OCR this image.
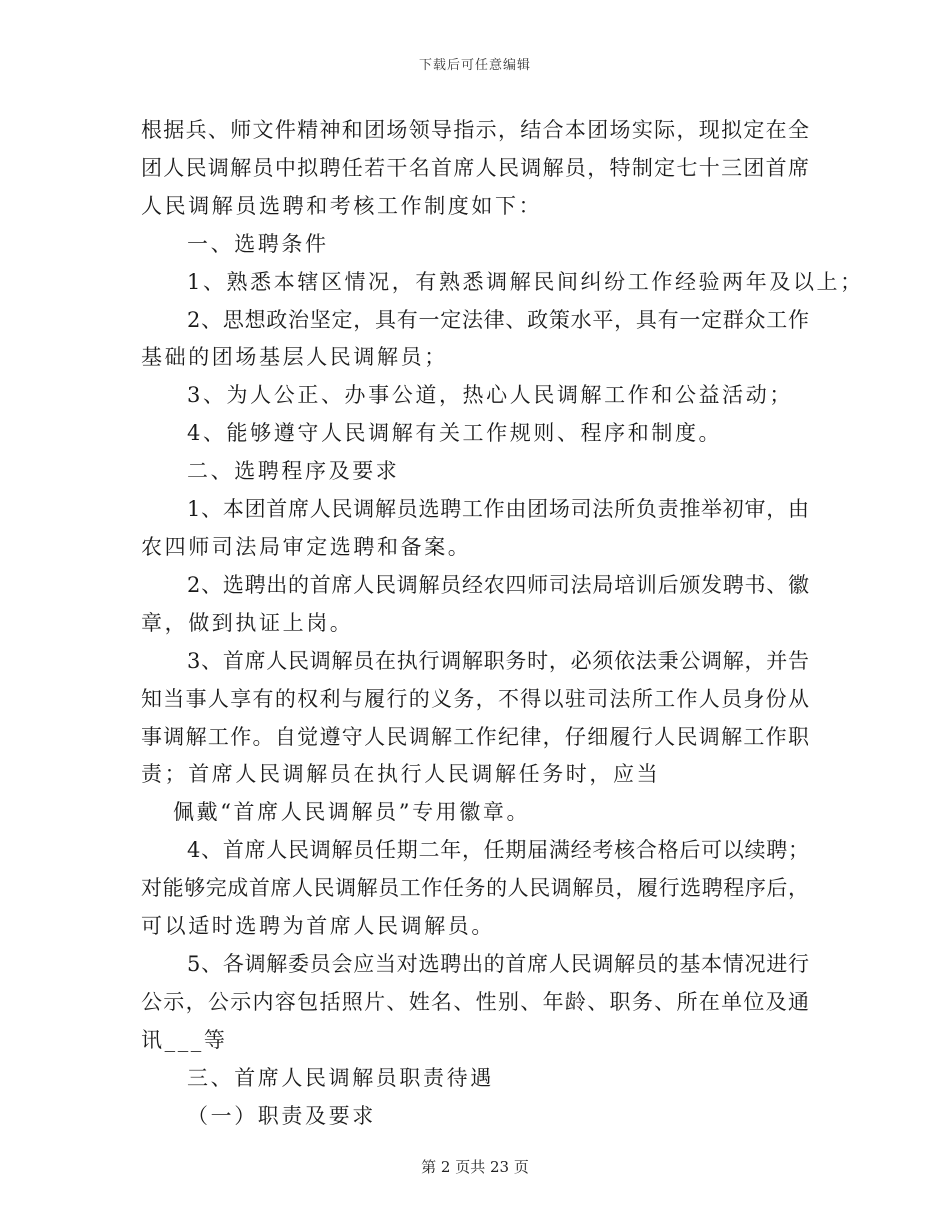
下载后可任意编辑
根据兵、师文件精神和团场领导指示，结合本团场实际，现拟定在全
团人民调解员中拟聘任若干名首席人民调解员，特制定七十三团首席
人民调解员选聘和考核工作制度如下：
一、选聘条件
1、熟悉本辖区情况，有熟悉调解民间纠纷工作经验两年及以上；
2、思想政治坚定，具有一定法律、政策水平，具有一定群众工作
基础的团场基层人民调解员；
3、为人公正、办事公道，热心人民调解工作和公益活动；
4、能够遵守人民调解有关工作规则、程序和制度。
二、选聘程序及要求
1、本团首席人民调解员选聘工作由团场司法所负责推举初审，由
农四师司法局审定选聘和备案。
2、选聘出的首席人民调解员经农四师司法局培训后颁发聘书、徽
章，做到执证上岗。
3、首席人民调解员在执行调解职务时，必须依法秉公调解，并告
知当事人享有的权利与履行的义务，不得以驻司法所工作人员身份从
事调解工作。自觉遵守人民调解工作纪律，仔细履行人民调解工作职
责；首席人民调解员在执行人民调解任务时，应当
佩戴“首席人民调解员”专用徽章。
4、首席人民调解员任期二年，任期届满经考核合格后可以续聘；
对能够完成首席人民调解员工作任务的人民调解员，履行选聘程序后，
可以适时选聘为首席人民调解员。
5、各调解委员会应当对选聘出的首席人民调解员的基本情况进行
公示，公示内容包括照片、姓名、性别、年龄、职务、所在单位及通
讯___等
三、首席人民调解员职责待遇
（一）职责及要求
第 2 页共 23 页
